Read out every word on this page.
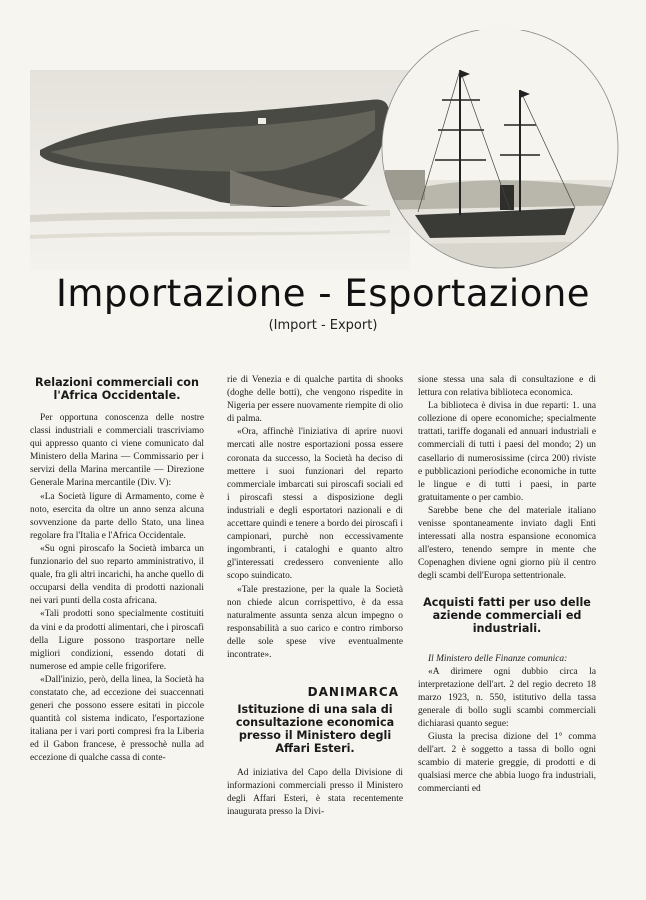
Importazione - Esportazione
(Import - Export)
Relazioni commerciali con l'Africa Occidentale.

Per opportuna conoscenza delle nostre classi industriali e commerciali trascriviamo qui appresso quanto ci viene comunicato dal Ministero della Marina — Commissario per i servizi della Marina mercantile — Direzione Generale Marina mercantile (Div. V):

«La Società ligure di Armamento, come è noto, esercita da oltre un anno senza alcuna sovvenzione da parte dello Stato, una linea regolare fra l'Italia e l'Africa Occidentale.

«Su ogni piroscafo la Società imbarca un funzionario del suo reparto amministrativo, il quale, fra gli altri incarichi, ha anche quello di occuparsi della vendita di prodotti nazionali nei vari punti della costa africana.

«Tali prodotti sono specialmente costituiti da vini e da prodotti alimentari, che i piroscafi della Ligure possono trasportare nelle migliori condizioni, essendo dotati di numerose ed ampie celle frigorifere.

«Dall'inizio, però, della linea, la Società ha constatato che, ad eccezione dei suaccennati generi che possono essere esitati in piccole quantità col sistema indicato, l'esportazione italiana per i vari porti compresi fra la Liberia ed il Gabon francese, è pressochè nulla ad eccezione di qualche cassa di conte-

rie di Venezia e di qualche partita di shooks (doghe delle botti), che vengono rispedite in Nigeria per essere nuovamente riempite di olio di palma.

«Ora, affinchè l'iniziativa di aprire nuovi mercati alle nostre esportazioni possa essere coronata da successo, la Società ha deciso di mettere i suoi funzionari del reparto commerciale imbarcati sui piroscafi sociali ed i piroscafi stessi a disposizione degli industriali e degli esportatori nazionali e di accettare quindi e tenere a bordo dei piroscafi i campionari, purchè non eccessivamente ingombranti, i cataloghi e quanto altro gl'interessati credessero conveniente allo scopo suindicato.

«Tale prestazione, per la quale la Società non chiede alcun corrispettivo, è da essa naturalmente assunta senza alcun impegno o responsabilità a suo carico e contro rimborso delle sole spese vive eventualmente incontrate».

DANIMARCA
Istituzione di una sala di consultazione economica presso il Ministero degli Affari Esteri.

Ad iniziativa del Capo della Divisione di informazioni commerciali presso il Ministero degli Affari Esteri, è stata recentemente inaugurata presso la Divi-

sione stessa una sala di consultazione e di lettura con relativa biblioteca economica.

La biblioteca è divisa in due reparti: 1. una collezione di opere economiche; specialmente trattati, tariffe doganali ed annuari industriali e commerciali di tutti i paesi del mondo; 2) un casellario di numerosissime (circa 200) riviste e pubblicazioni periodiche economiche in tutte le lingue e di tutti i paesi, in parte gratuitamente o per cambio.

Sarebbe bene che del materiale italiano venisse spontaneamente inviato dagli Enti interessati alla nostra espansione economica all'estero, tenendo sempre in mente che Copenaghen diviene ogni giorno più il centro degli scambi dell'Europa settentrionale.

Acquisti fatti per uso delle aziende commerciali ed industriali.

Il Ministero delle Finanze comunica:

«A dirimere ogni dubbio circa la interpretazione dell'art. 2 del regio decreto 18 marzo 1923, n. 550, istitutivo della tassa generale di bollo sugli scambi commerciali dichiarasi quanto segue:

Giusta la precisa dizione del 1° comma dell'art. 2 è soggetto a tassa di bollo ogni scambio di materie greggie, di prodotti e di qualsiasi merce che abbia luogo fra industriali, commercianti ed
